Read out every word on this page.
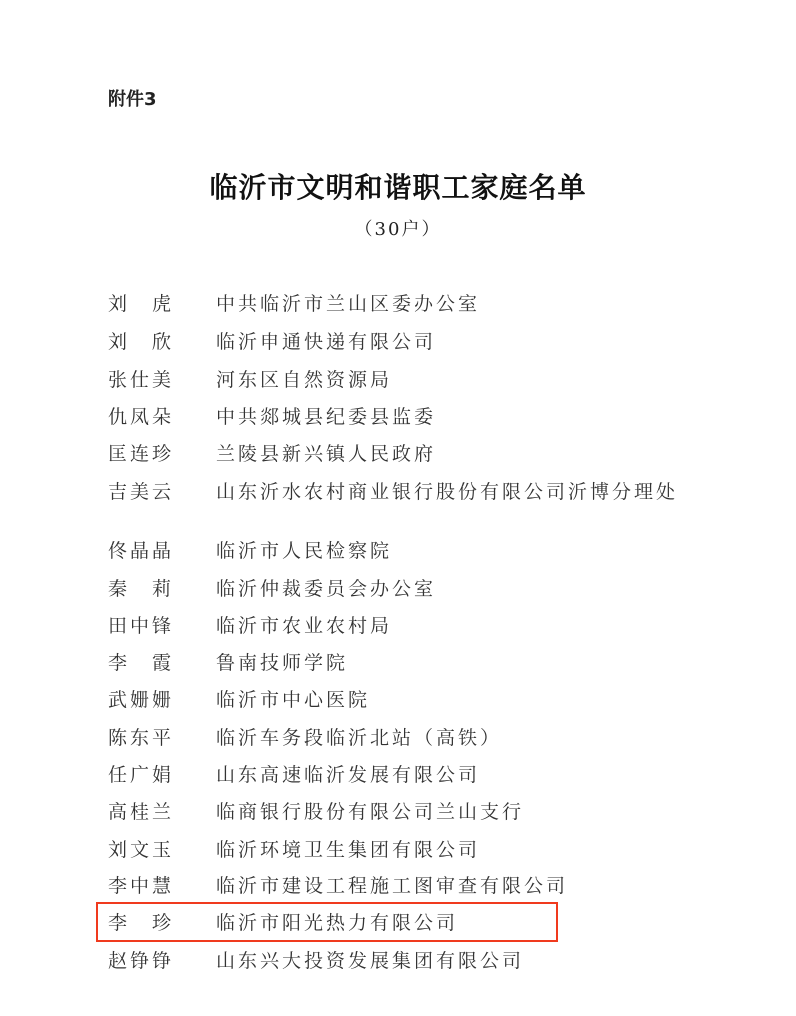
附件3
临沂市文明和谐职工家庭名单
（30户）
刘　虎	中共临沂市兰山区委办公室
刘　欣	临沂申通快递有限公司
张仕美	河东区自然资源局
仇凤朵	中共郯城县纪委县监委
匡连珍	兰陵县新兴镇人民政府
吉美云	山东沂水农村商业银行股份有限公司沂博分理处
佟晶晶	临沂市人民检察院
秦　莉	临沂仲裁委员会办公室
田中锋	临沂市农业农村局
李　霞	鲁南技师学院
武姗姗	临沂市中心医院
陈东平	临沂车务段临沂北站（高铁）
任广娟	山东高速临沂发展有限公司
高桂兰	临商银行股份有限公司兰山支行
刘文玉	临沂环境卫生集团有限公司
李中慧	临沂市建设工程施工图审查有限公司
李　珍	临沂市阳光热力有限公司
赵铮铮	山东兴大投资发展集团有限公司
